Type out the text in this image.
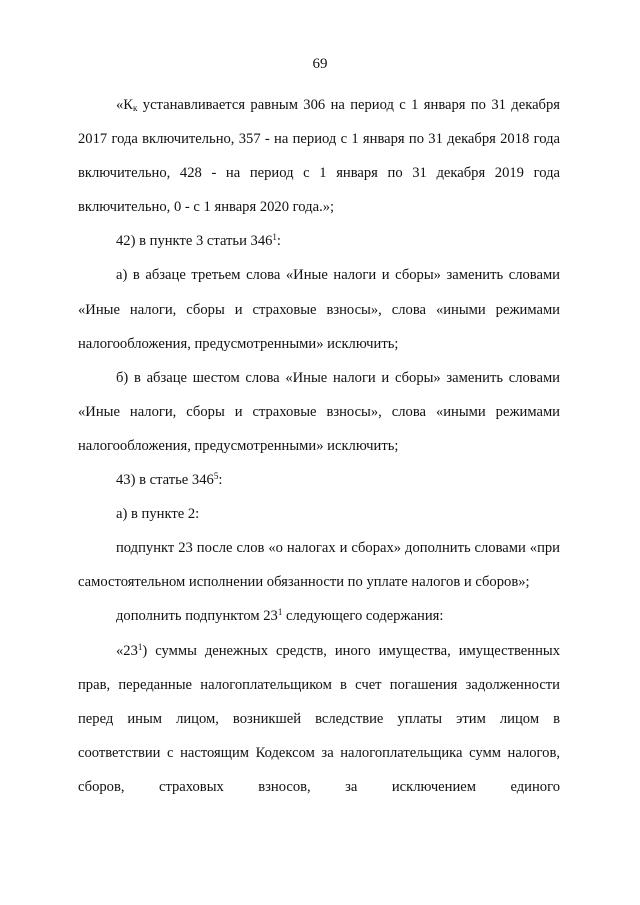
69

«$К_к$ устанавливается равным 306 на период с 1 января по 31 декабря 2017 года включительно, 357 - на период с 1 января по 31 декабря 2018 года включительно, 428 - на период с 1 января по 31 декабря 2019 года включительно, 0 - с 1 января 2020 года.»;

42) в пункте 3 статьи $346^1$:

а) в абзаце третьем слова «Иные налоги и сборы» заменить словами «Иные налоги, сборы и страховые взносы», слова «иными режимами налогообложения, предусмотренными» исключить;

б) в абзаце шестом слова «Иные налоги и сборы» заменить словами «Иные налоги, сборы и страховые взносы», слова «иными режимами налогообложения, предусмотренными» исключить;

43) в статье $346^5$:

а) в пункте 2:

подпункт 23 после слов «о налогах и сборах» дополнить словами «при самостоятельном исполнении обязанности по уплате налогов и сборов»;

дополнить подпунктом $23^1$ следующего содержания:

«$23^1$) суммы денежных средств, иного имущества, имущественных прав, переданные налогоплательщиком в счет погашения задолженности перед иным лицом, возникшей вследствие уплаты этим лицом в соответствии с настоящим Кодексом за налогоплательщика сумм налогов, сборов, страховых взносов, за исключением единого
